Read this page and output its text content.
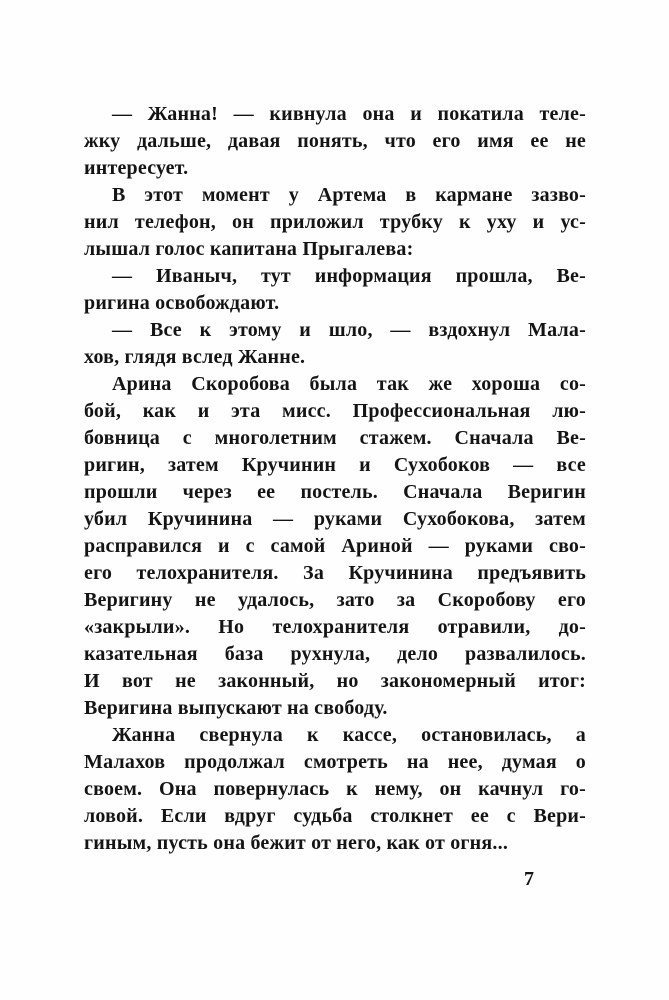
— Жанна! — кивнула она и покатила теле-
жку дальше, давая понять, что его имя ее не
интересует.
В этот момент у Артема в кармане зазво-
нил телефон, он приложил трубку к уху и ус-
лышал голос капитана Прыгалева:
— Иваныч, тут информация прошла, Ве-
ригина освобождают.
— Все к этому и шло, — вздохнул Мала-
хов, глядя вслед Жанне.
Арина Скоробова была так же хороша со-
бой, как и эта мисс. Профессиональная лю-
бовница с многолетним стажем. Сначала Ве-
ригин, затем Кручинин и Сухобоков — все
прошли через ее постель. Сначала Веригин
убил Кручинина — руками Сухобокова, затем
расправился и с самой Ариной — руками сво-
его телохранителя. За Кручинина предъявить
Веригину не удалось, зато за Скоробову его
«закрыли». Но телохранителя отравили, до-
казательная база рухнула, дело развалилось.
И вот не законный, но закономерный итог:
Веригина выпускают на свободу.
Жанна свернула к кассе, остановилась, а
Малахов продолжал смотреть на нее, думая о
своем. Она повернулась к нему, он качнул го-
ловой. Если вдруг судьба столкнет ее с Вери-
гиным, пусть она бежит от него, как от огня...
7
